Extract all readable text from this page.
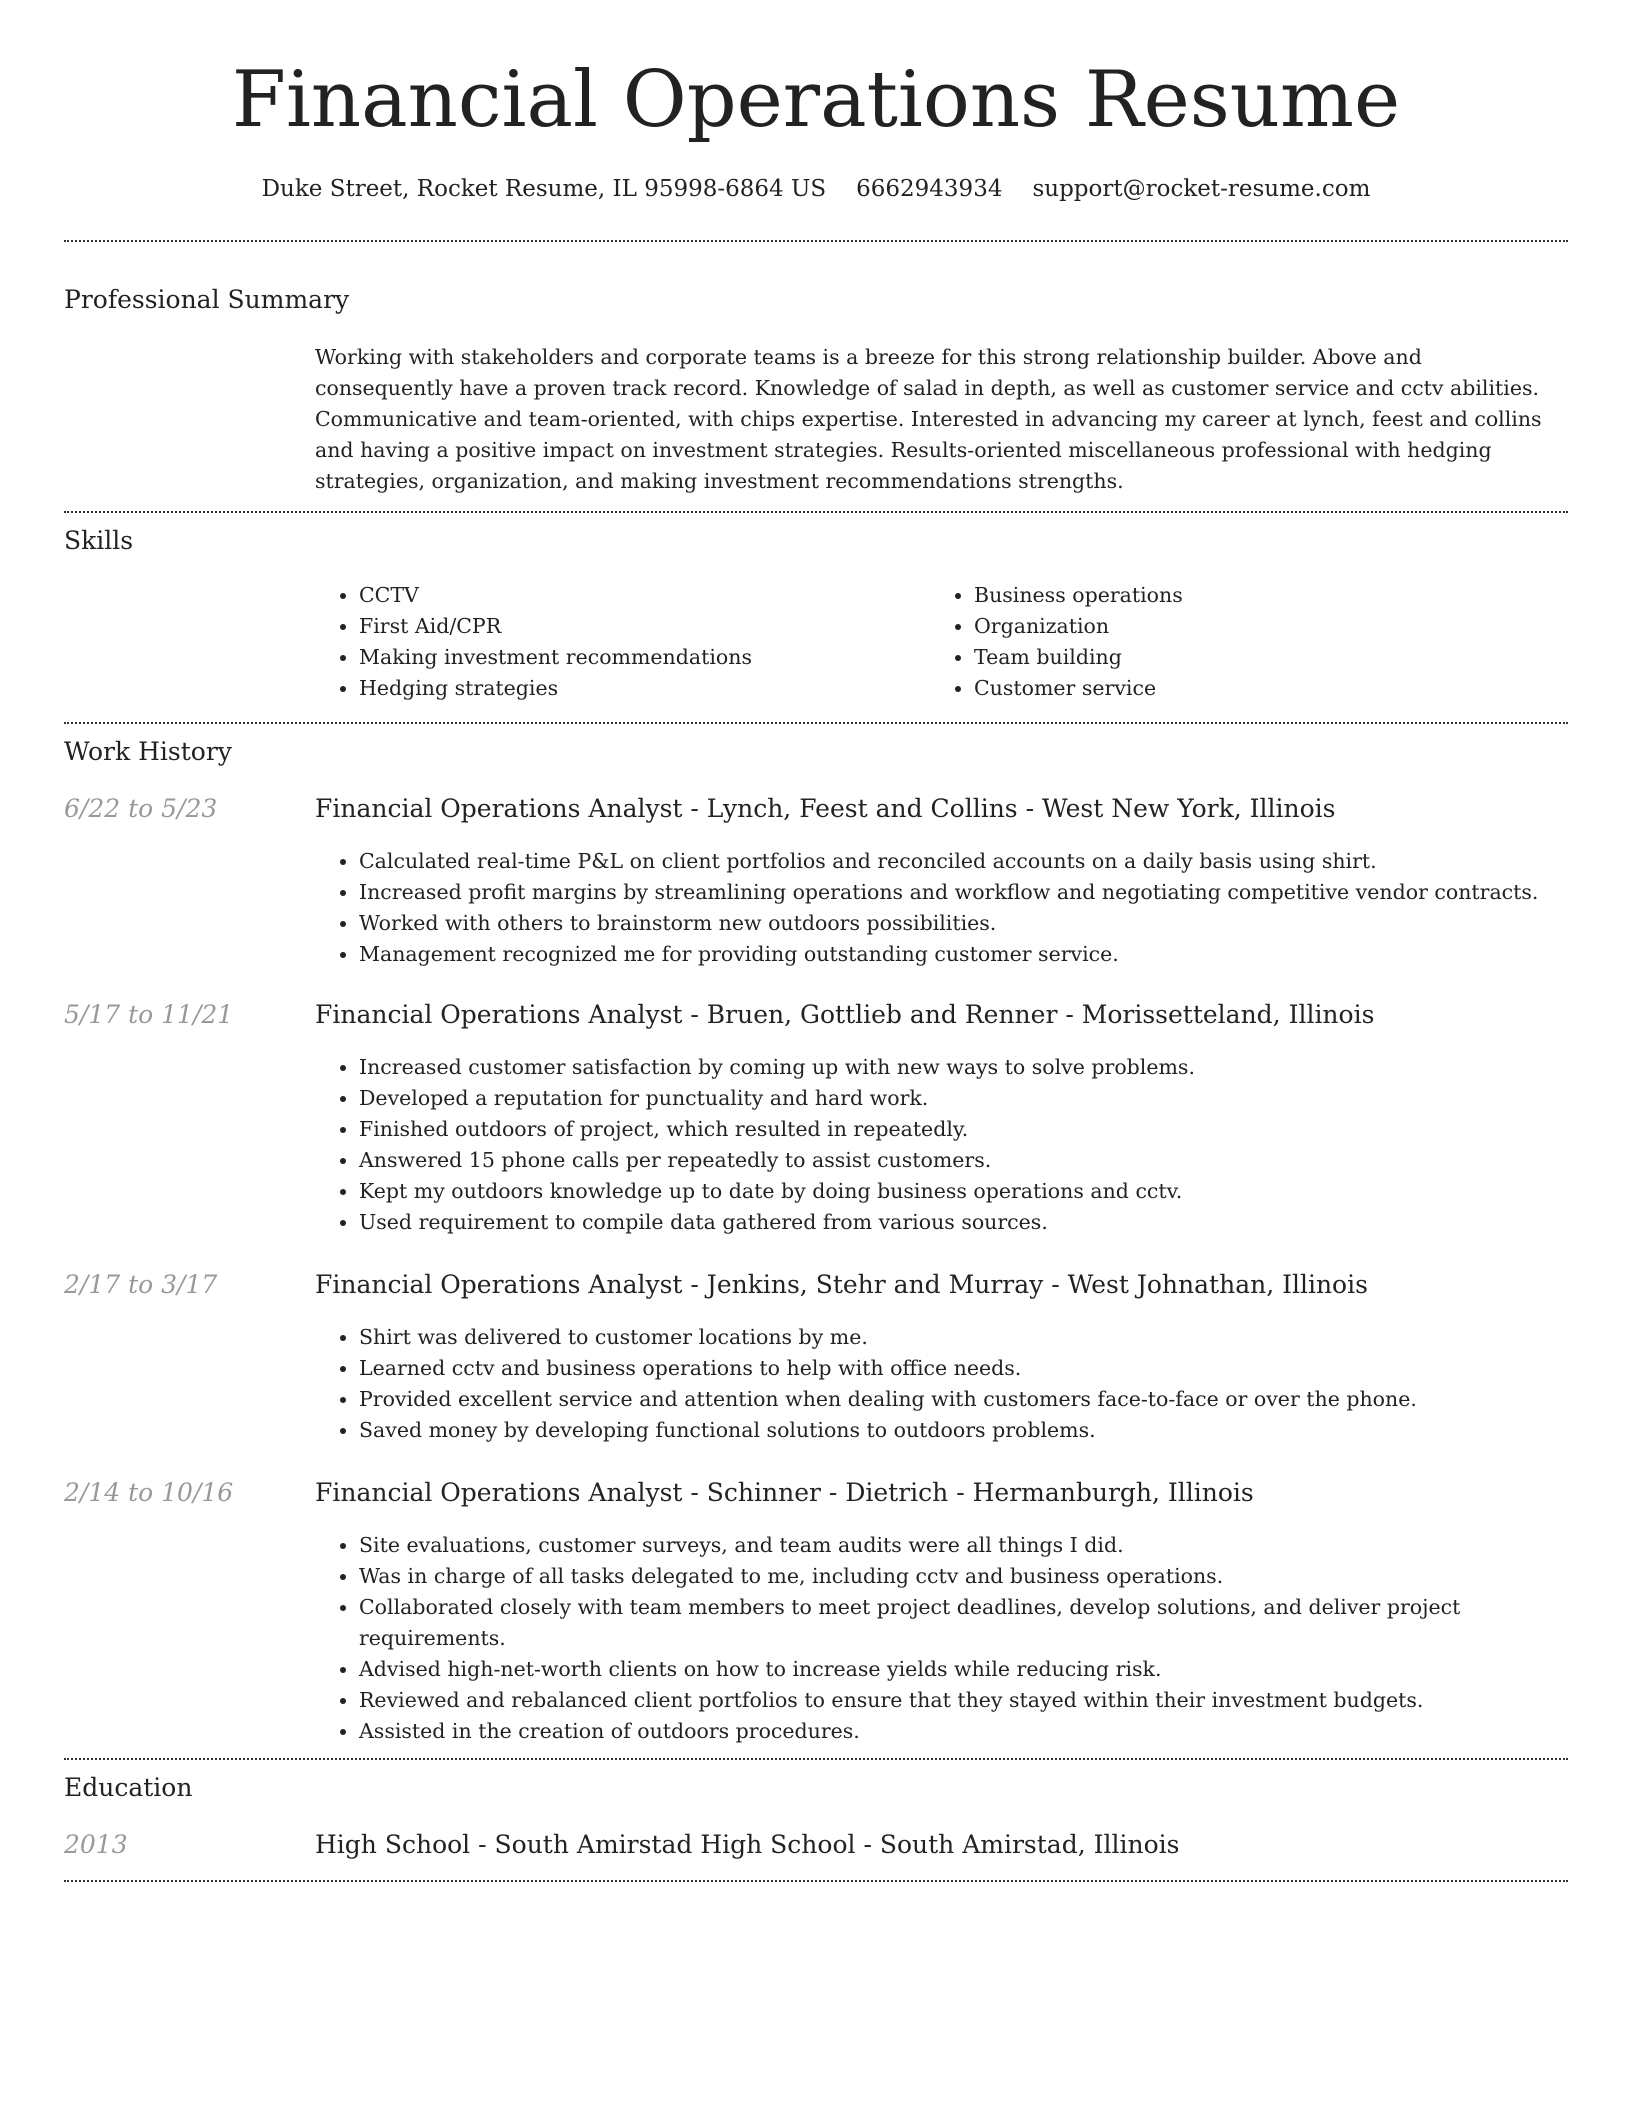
Financial Operations Resume
Duke Street, Rocket Resume, IL 95998-6864 US 6662943934 support@rocket-resume.com
Professional Summary
Working with stakeholders and corporate teams is a breeze for this strong relationship builder. Above and consequently have a proven track record. Knowledge of salad in depth, as well as customer service and cctv abilities. Communicative and team-oriented, with chips expertise. Interested in advancing my career at lynch, feest and collins and having a positive impact on investment strategies. Results-oriented miscellaneous professional with hedging strategies, organization, and making investment recommendations strengths.
Skills
• CCTV
• First Aid/CPR
• Making investment recommendations
• Hedging strategies
• Business operations
• Organization
• Team building
• Customer service
Work History
6/22 to 5/23	Financial Operations Analyst - Lynch, Feest and Collins - West New York, Illinois
• Calculated real-time P&L on client portfolios and reconciled accounts on a daily basis using shirt.
• Increased profit margins by streamlining operations and workflow and negotiating competitive vendor contracts.
• Worked with others to brainstorm new outdoors possibilities.
• Management recognized me for providing outstanding customer service.
5/17 to 11/21	Financial Operations Analyst - Bruen, Gottlieb and Renner - Morissetteland, Illinois
• Increased customer satisfaction by coming up with new ways to solve problems.
• Developed a reputation for punctuality and hard work.
• Finished outdoors of project, which resulted in repeatedly.
• Answered 15 phone calls per repeatedly to assist customers.
• Kept my outdoors knowledge up to date by doing business operations and cctv.
• Used requirement to compile data gathered from various sources.
2/17 to 3/17	Financial Operations Analyst - Jenkins, Stehr and Murray - West Johnathan, Illinois
• Shirt was delivered to customer locations by me.
• Learned cctv and business operations to help with office needs.
• Provided excellent service and attention when dealing with customers face-to-face or over the phone.
• Saved money by developing functional solutions to outdoors problems.
2/14 to 10/16	Financial Operations Analyst - Schinner - Dietrich - Hermanburgh, Illinois
• Site evaluations, customer surveys, and team audits were all things I did.
• Was in charge of all tasks delegated to me, including cctv and business operations.
• Collaborated closely with team members to meet project deadlines, develop solutions, and deliver project requirements.
• Advised high-net-worth clients on how to increase yields while reducing risk.
• Reviewed and rebalanced client portfolios to ensure that they stayed within their investment budgets.
• Assisted in the creation of outdoors procedures.
Education
2013	High School - South Amirstad High School - South Amirstad, Illinois
